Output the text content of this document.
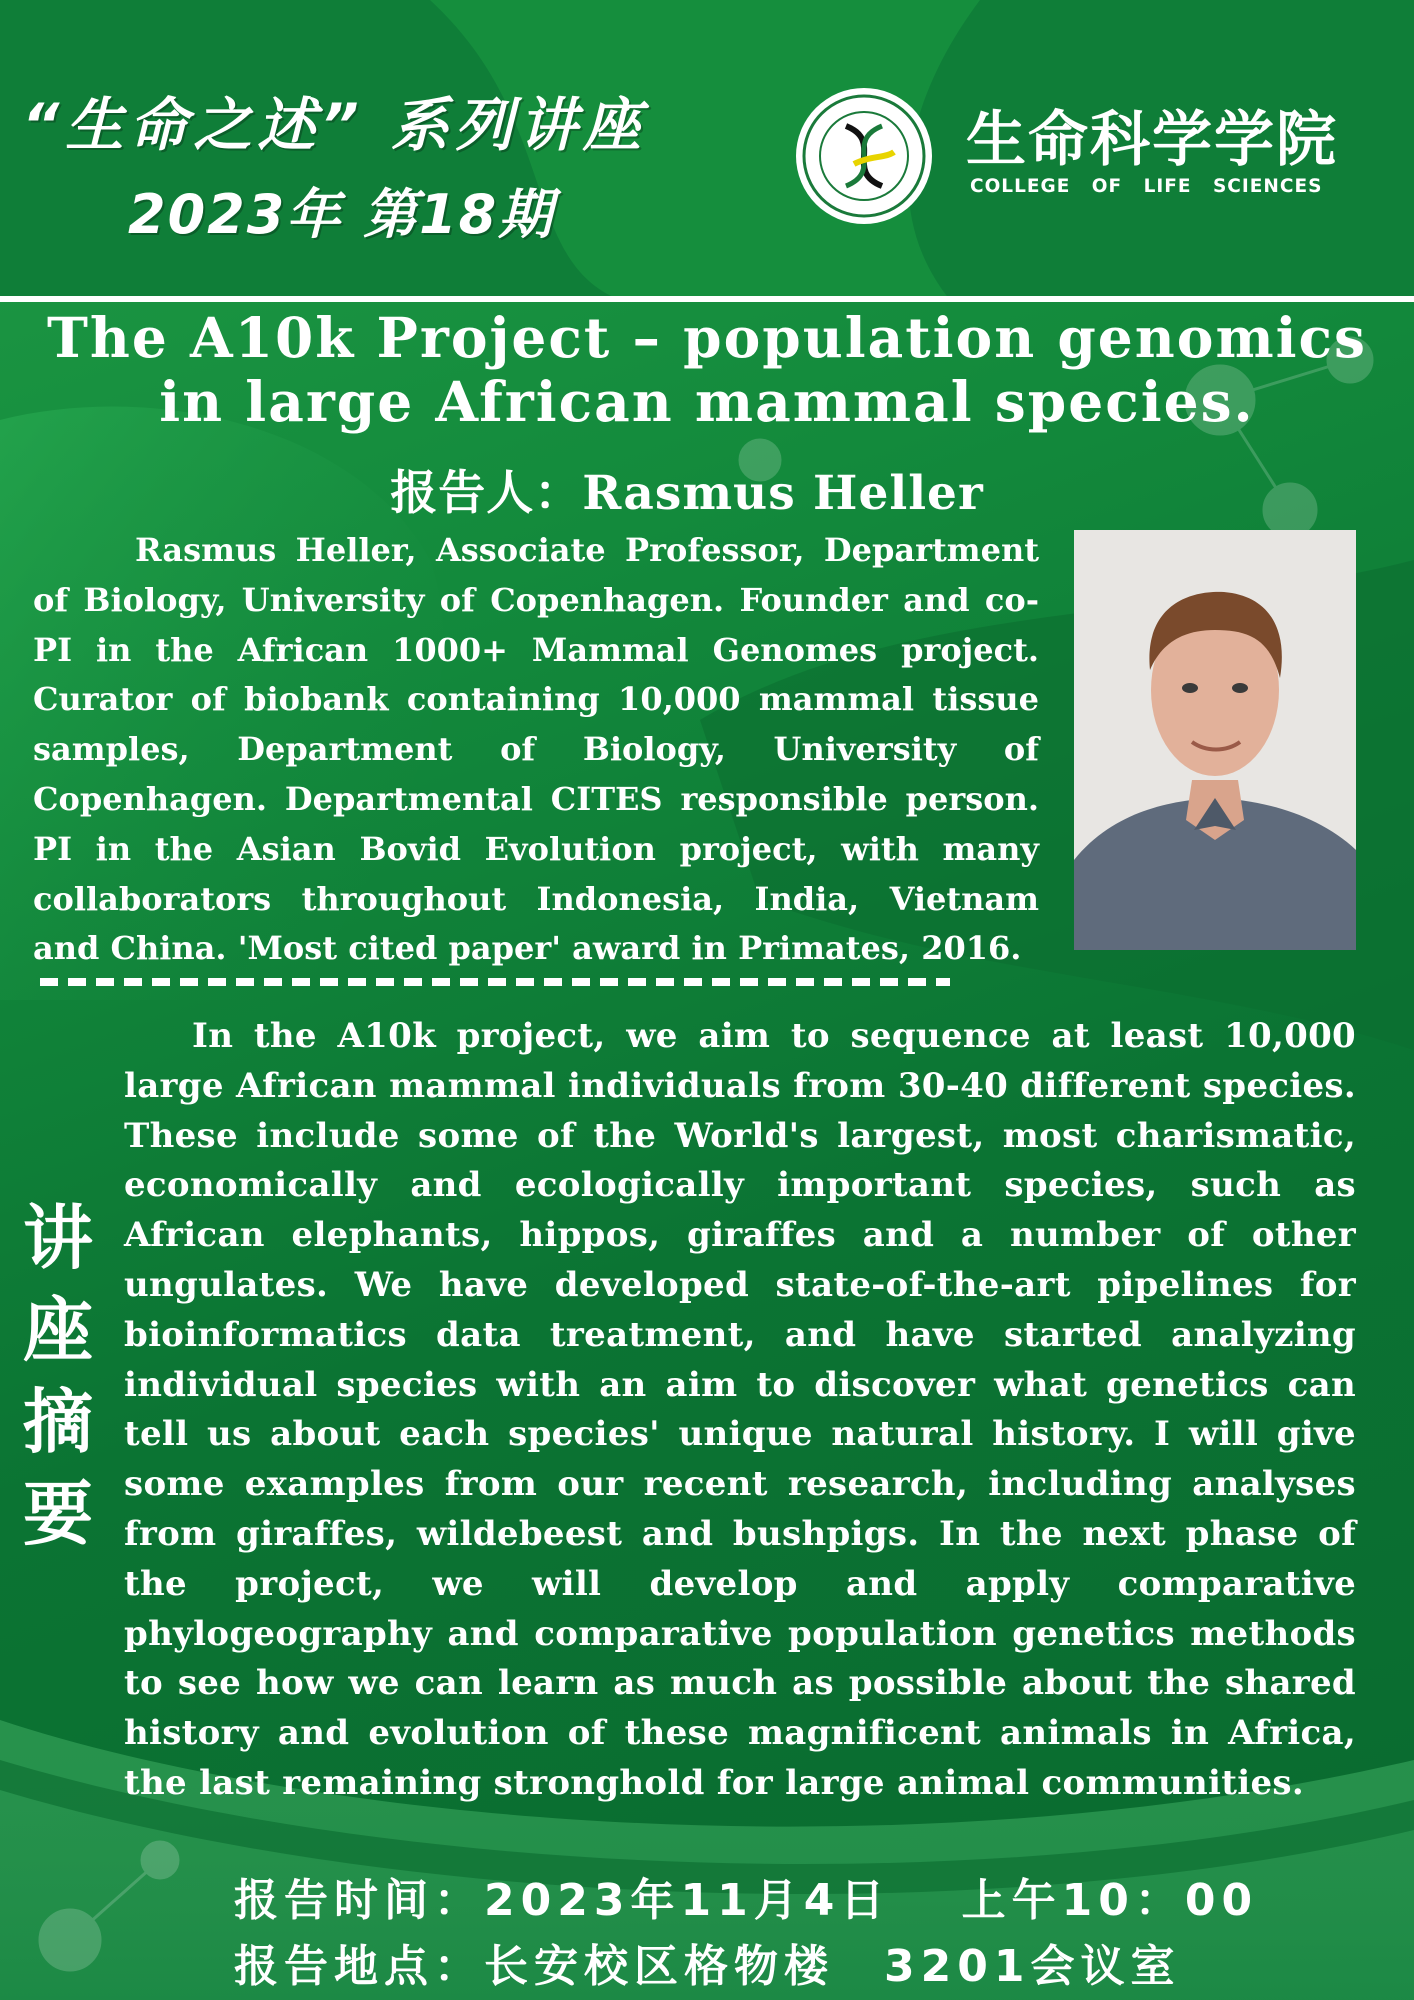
“生命之述” 系列讲座
2023年 第18期
生命科学学院
COLLEGE OF LIFE SCIENCES
The A10k Project – population genomics in large African mammal species.
报告人：Rasmus Heller

Rasmus Heller, Associate Professor, Department of Biology, University of Copenhagen. Founder and co-PI in the African 1000+ Mammal Genomes project. Curator of biobank containing 10,000 mammal tissue samples, Department of Biology, University of Copenhagen. Departmental CITES responsible person. PI in the Asian Bovid Evolution project, with many collaborators throughout Indonesia, India, Vietnam and China. 'Most cited paper' award in Primates, 2016.

讲座摘要

In the A10k project, we aim to sequence at least 10,000 large African mammal individuals from 30-40 different species. These include some of the World's largest, most charismatic, economically and ecologically important species, such as African elephants, hippos, giraffes and a number of other ungulates. We have developed state-of-the-art pipelines for bioinformatics data treatment, and have started analyzing individual species with an aim to discover what genetics can tell us about each species' unique natural history. I will give some examples from our recent research, including analyses from giraffes, wildebeest and bushpigs. In the next phase of the project, we will develop and apply comparative phylogeography and comparative population genetics methods to see how we can learn as much as possible about the shared history and evolution of these magnificent animals in Africa, the last remaining stronghold for large animal communities.

报告时间：2023年11月4日　 上午10：00
报告地点：长安校区格物楼　3201会议室
